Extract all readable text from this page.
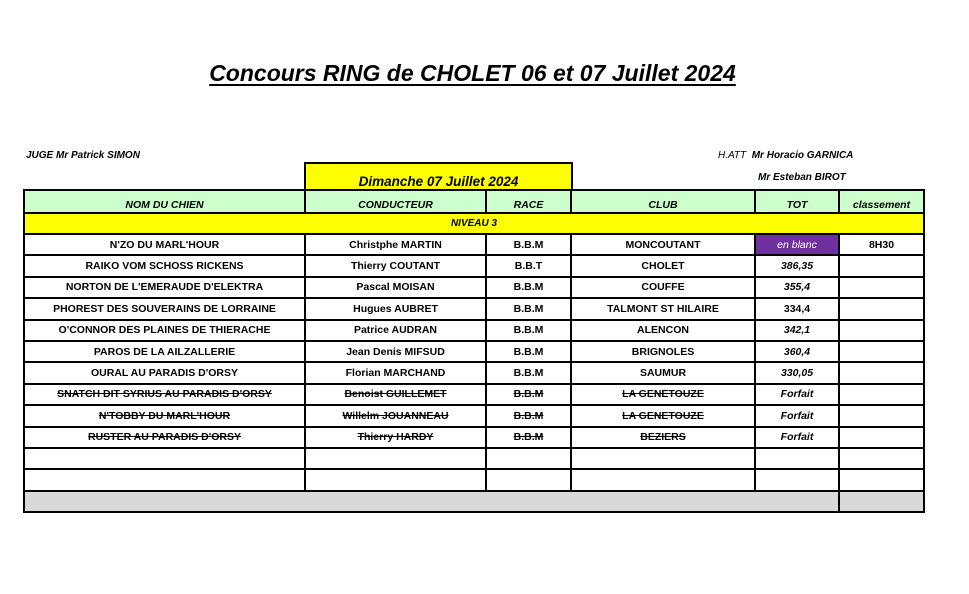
Concours RING de CHOLET 06 et 07 Juillet 2024
JUGE Mr Patrick SIMON	H.ATT Mr Horacio GARNICA
Mr Esteban BIROT
Dimanche 07 Juillet 2024
NOM DU CHIEN	CONDUCTEUR	RACE	CLUB	TOT	classement
NIVEAU 3					
N'ZO DU MARL'HOUR	Christphe MARTIN	B.B.M	MONCOUTANT	en blanc	8H30
RAIKO VOM SCHOSS RICKENS	Thierry COUTANT	B.B.T	CHOLET	386,35	
NORTON DE L'EMERAUDE D'ELEKTRA	Pascal MOISAN	B.B.M	COUFFE	355,4	
PHOREST DES SOUVERAINS DE LORRAINE	Hugues AUBRET	B.B.M	TALMONT ST HILAIRE	334,4	
O'CONNOR DES PLAINES DE THIERACHE	Patrice AUDRAN	B.B.M	ALENCON	342,1	
PAROS DE LA AILZALLERIE	Jean Denis MIFSUD	B.B.M	BRIGNOLES	360,4	
OURAL AU PARADIS D'ORSY	Florian MARCHAND	B.B.M	SAUMUR	330,05	
SNATCH DIT SYRIUS AU PARADIS D'ORSY	Benoist GUILLEMET	B.B.M	LA GENETOUZE	Forfait	
N'TOBBY DU MARL'HOUR	Willelm JOUANNEAU	B.B.M	LA GENETOUZE	Forfait	
RUSTER AU PARADIS D'ORSY	Thierry HARDY	B.B.M	BEZIERS	Forfait	
